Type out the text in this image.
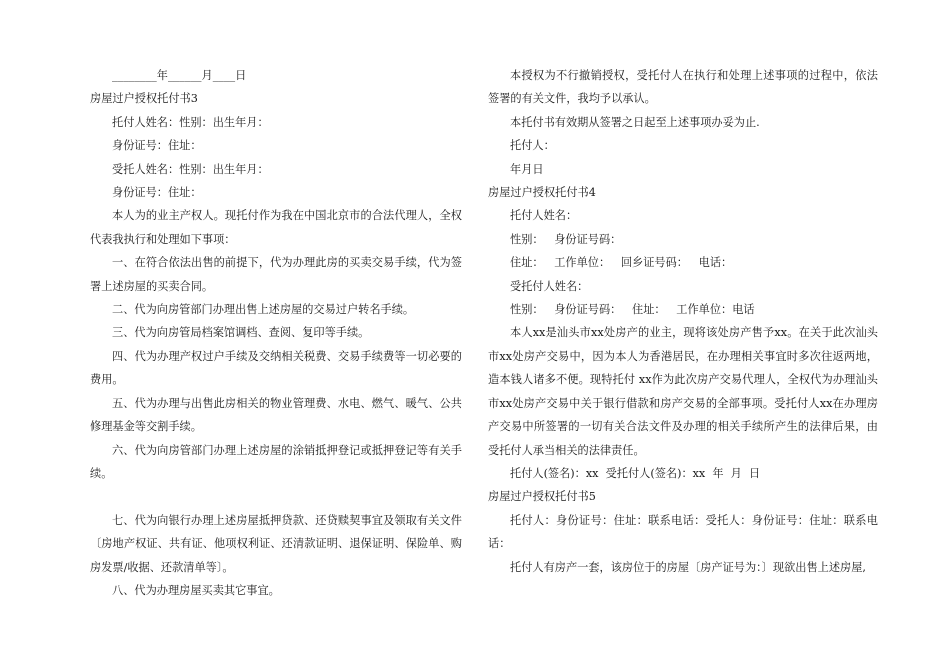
________年______月____日

房屋过户授权托付书3

托付人姓名：性别：出生年月：

身份证号：住址：

受托人姓名：性别：出生年月：

身份证号：住址：

本人为的业主产权人。现托付作为我在中国北京市的合法代理人，全权代表我执行和处理如下事项：

一、在符合依法出售的前提下，代为办理此房的买卖交易手续，代为签署上述房屋的买卖合同。

二、代为向房管部门办理出售上述房屋的交易过户转名手续。

三、代为向房管局档案馆调档、查阅、复印等手续。

四、代为办理产权过户手续及交纳相关税费、交易手续费等一切必要的费用。

五、代为办理与出售此房相关的物业管理费、水电、燃气、暖气、公共修理基金等交割手续。

六、代为向房管部门办理上述房屋的涂销抵押登记或抵押登记等有关手续。

七、代为向银行办理上述房屋抵押贷款、还贷赎契事宜及领取有关文件〔房地产权证、共有证、他项权利证、还清款证明、退保证明、保险单、购房发票/收据、还款清单等〕。

八、代为办理房屋买卖其它事宜。

本授权为不行撤销授权，受托付人在执行和处理上述事项的过程中，依法签署的有关文件，我均予以承认。

本托付书有效期从签署之日起至上述事项办妥为止.

托付人：

年月日

房屋过户授权托付书4

托付人姓名：

性别：   身份证号码：

住址：   工作单位：   回乡证号码：   电话：

受托付人姓名：

性别：   身份证号码：   住址：   工作单位：电话

本人xx是汕头市xx处房产的业主，现将该处房产售予xx。在关于此次汕头市xx处房产交易中，因为本人为香港居民，在办理相关事宜时多次往返两地，造本钱人诸多不便。现特托付 xx作为此次房产交易代理人，全权代为办理汕头市xx处房产交易中关于银行借款和房产交易的全部事项。受托付人xx在办理房产交易中所签署的一切有关合法文件及办理的相关手续所产生的法律后果，由受托付人承当相关的法律责任。

托付人(签名)：xx  受托付人(签名)：xx  年  月  日

房屋过户授权托付书5

托付人：身份证号：住址：联系电话：受托人：身份证号：住址：联系电话：

托付人有房产一套，该房位于的房屋〔房产证号为：〕现欲出售上述房屋,
